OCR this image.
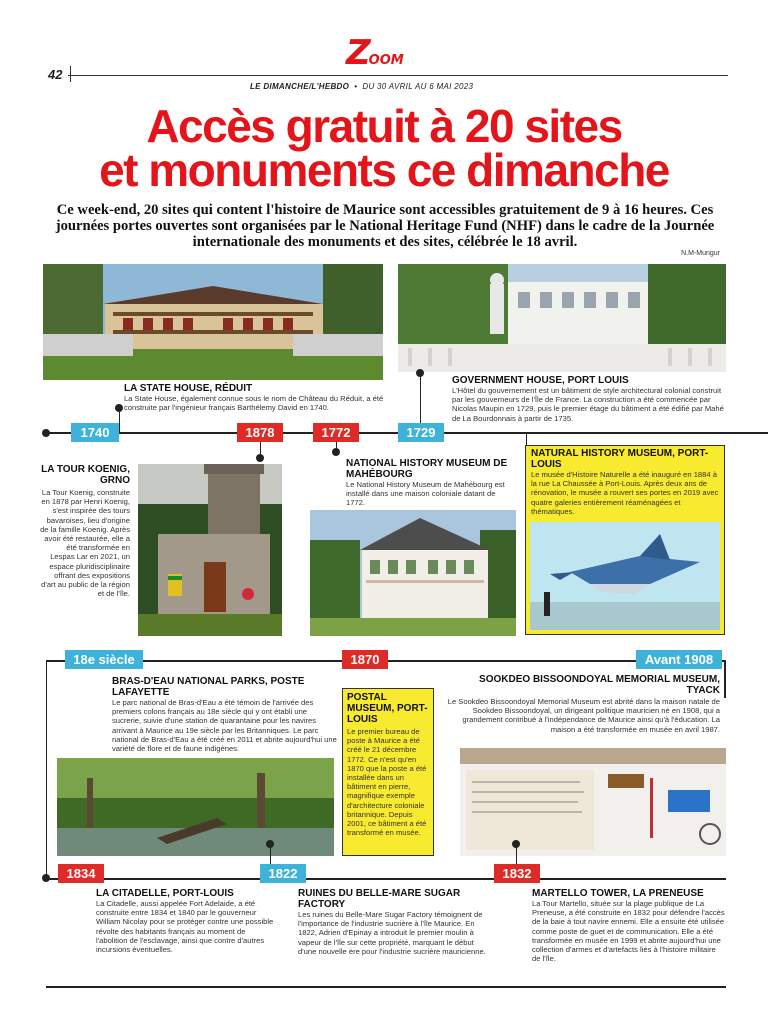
ZOOM
42
LE DIMANCHE/L'HEBDO • DU 30 AVRIL AU 6 MAI 2023
Accès gratuit à 20 sites
et monuments ce dimanche
Ce week-end, 20 sites qui content l'histoire de Maurice sont accessibles gratuitement de 9 à 16 heures. Ces journées portes ouvertes sont organisées par le National Heritage Fund (NHF) dans le cadre de la Journée internationale des monuments et des sites, célébrée le 18 avril.
N.M-Mungur
LA STATE HOUSE, RÉDUIT
La State House, également connue sous le nom de Château du Réduit, a été construite par l'ingénieur français Barthélemy David en 1740.
GOVERNMENT HOUSE, PORT LOUIS
L'Hôtel du gouvernement est un bâtiment de style architectural colonial construit par les gouverneurs de l'Île de France. La construction a été commencée par Nicolas Maupin en 1729, puis le premier étage du bâtiment a été édifié par Mahé de La Bourdonnais à partir de 1735.
1740	1878	1772	1729
LA TOUR KOENIG, GRNO
La Tour Koenig, construite en 1878 par Henri Koenig, s'est inspirée des tours bavaroises, lieu d'origine de la famille Koenig. Après avoir été restaurée, elle a été transformée en Lespas Lar en 2021, un espace pluridisciplinaire offrant des expositions d'art au public de la région et de l'île.
NATIONAL HISTORY MUSEUM DE MAHÉBOURG
Le National History Museum de Mahébourg est installé dans une maison coloniale datant de 1772.
NATURAL HISTORY MUSEUM, PORT-LOUIS
Le musée d'Histoire Naturelle a été inauguré en 1884 à la rue La Chaussée à Port-Louis. Après deux ans de rénovation, le musée a rouvert ses portes en 2019 avec quatre galeries entièrement réaménagées et thématiques.
18e siècle	1870	Avant 1908
BRAS-D'EAU NATIONAL PARKS, POSTE LAFAYETTE
Le parc national de Bras-d'Eau a été témoin de l'arrivée des premiers colons français au 18e siècle qui y ont établi une sucrerie, suivie d'une station de quarantaine pour les navires arrivant à Maurice au 19e siècle par les Britanniques. Le parc national de Bras-d'Eau a été créé en 2011 et abrite aujourd'hui une variété de flore et de faune indigènes.
POSTAL MUSEUM, PORT-LOUIS
Le premier bureau de poste à Maurice a été créé le 21 décembre 1772. Ce n'est qu'en 1870 que la poste a été installée dans un bâtiment en pierre, magnifique exemple d'architecture coloniale britannique. Depuis 2001, ce bâtiment a été transformé en musée.
SOOKDEO BISSOONDOYAL MEMORIAL MUSEUM, TYACK
Le Sookdeo Bissoondoyal Memorial Museum est abrité dans la maison natale de Sookdeo Bissoondoyal, un dirigeant politique mauricien né en 1908, qui a grandement contribué à l'indépendance de Maurice ainsi qu'à l'éducation. La maison a été transformée en musée en avril 1987.
1834	1822	1832
LA CITADELLE, PORT-LOUIS
La Citadelle, aussi appelée Fort Adelaide, a été construite entre 1834 et 1840 par le gouverneur William Nicolay pour se protéger contre une possible révolte des habitants français au moment de l'abolition de l'esclavage, ainsi que contre d'autres incursions éventuelles.
RUINES DU BELLE-MARE SUGAR FACTORY
Les ruines du Belle-Mare Sugar Factory témoignent de l'importance de l'industrie sucrière à l'île Maurice. En 1822, Adrien d'Epinay a introduit le premier moulin à vapeur de l'île sur cette propriété, marquant le début d'une nouvelle ère pour l'industrie sucrière mauricienne.
MARTELLO TOWER, LA PRENEUSE
La Tour Martello, située sur la plage publique de La Preneuse, a été construite en 1832 pour défendre l'accès de la baie à tout navire ennemi. Elle a ensuite été utilisée comme poste de guet et de communication. Elle a été transformée en musée en 1999 et abrite aujourd'hui une collection d'armes et d'artefacts liés à l'histoire militaire de l'île.
